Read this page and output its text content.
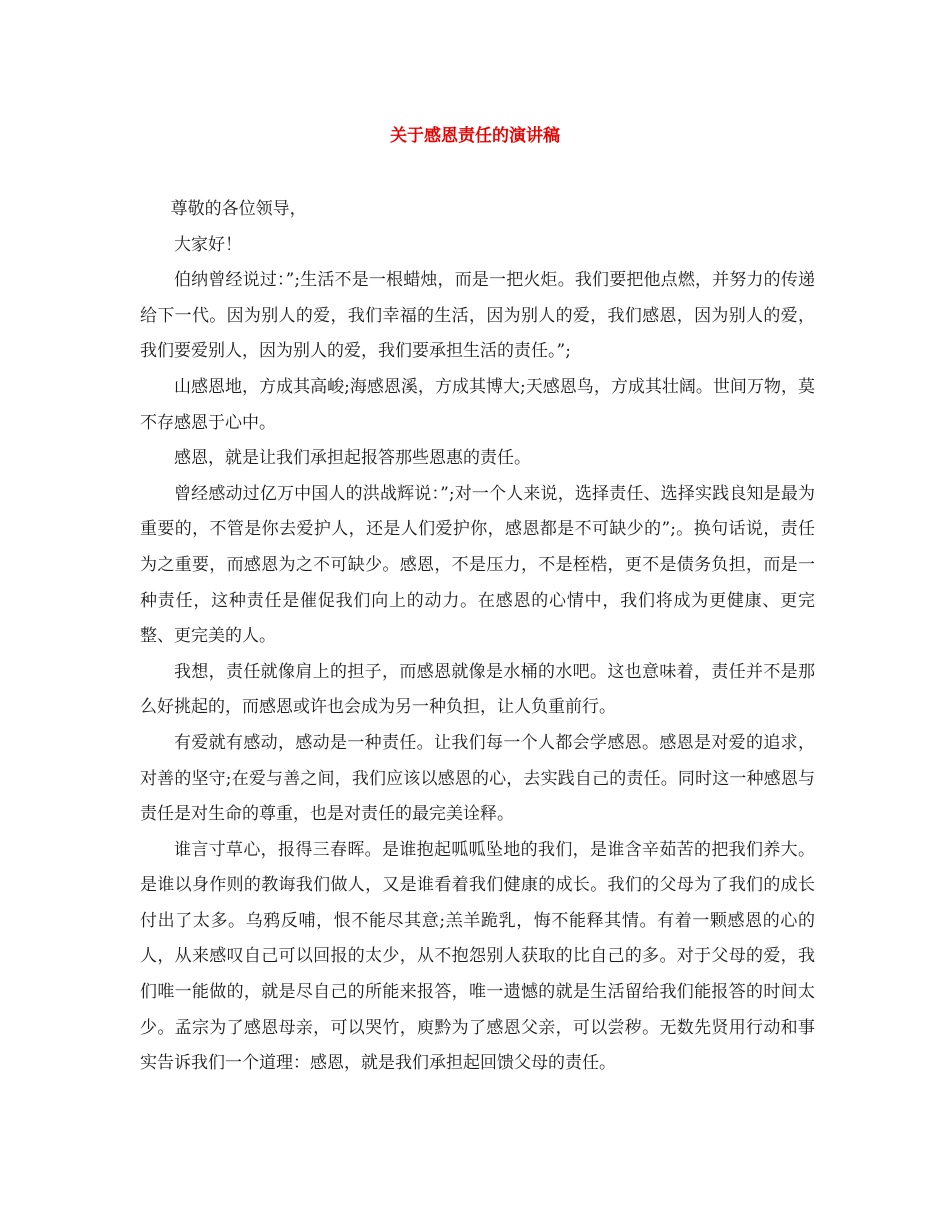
关于感恩责任的演讲稿

尊敬的各位领导，

大家好！

伯纳曾经说过：”;生活不是一根蜡烛，而是一把火炬。我们要把他点燃，并努力的传递给下一代。因为别人的爱，我们幸福的生活，因为别人的爱，我们感恩，因为别人的爱，我们要爱别人，因为别人的爱，我们要承担生活的责任。”;

山感恩地，方成其高峻;海感恩溪，方成其博大;天感恩鸟，方成其壮阔。世间万物，莫不存感恩于心中。

感恩，就是让我们承担起报答那些恩惠的责任。

曾经感动过亿万中国人的洪战辉说：”;对一个人来说，选择责任、选择实践良知是最为重要的，不管是你去爱护人，还是人们爱护你，感恩都是不可缺少的”;。换句话说，责任为之重要，而感恩为之不可缺少。感恩，不是压力，不是桎梏，更不是债务负担，而是一种责任，这种责任是催促我们向上的动力。在感恩的心情中，我们将成为更健康、更完整、更完美的人。

我想，责任就像肩上的担子，而感恩就像是水桶的水吧。这也意味着，责任并不是那么好挑起的，而感恩或许也会成为另一种负担，让人负重前行。

有爱就有感动，感动是一种责任。让我们每一个人都会学感恩。感恩是对爱的追求，对善的坚守;在爱与善之间，我们应该以感恩的心，去实践自己的责任。同时这一种感恩与责任是对生命的尊重，也是对责任的最完美诠释。

谁言寸草心，报得三春晖。是谁抱起呱呱坠地的我们，是谁含辛茹苦的把我们养大。是谁以身作则的教诲我们做人，又是谁看着我们健康的成长。我们的父母为了我们的成长付出了太多。乌鸦反哺，恨不能尽其意;羔羊跪乳，悔不能释其情。有着一颗感恩的心的人，从来感叹自己可以回报的太少，从不抱怨别人获取的比自己的多。对于父母的爱，我们唯一能做的，就是尽自己的所能来报答，唯一遗憾的就是生活留给我们能报答的时间太少。孟宗为了感恩母亲，可以哭竹，庾黔为了感恩父亲，可以尝秽。无数先贤用行动和事实告诉我们一个道理：感恩，就是我们承担起回馈父母的责任。
